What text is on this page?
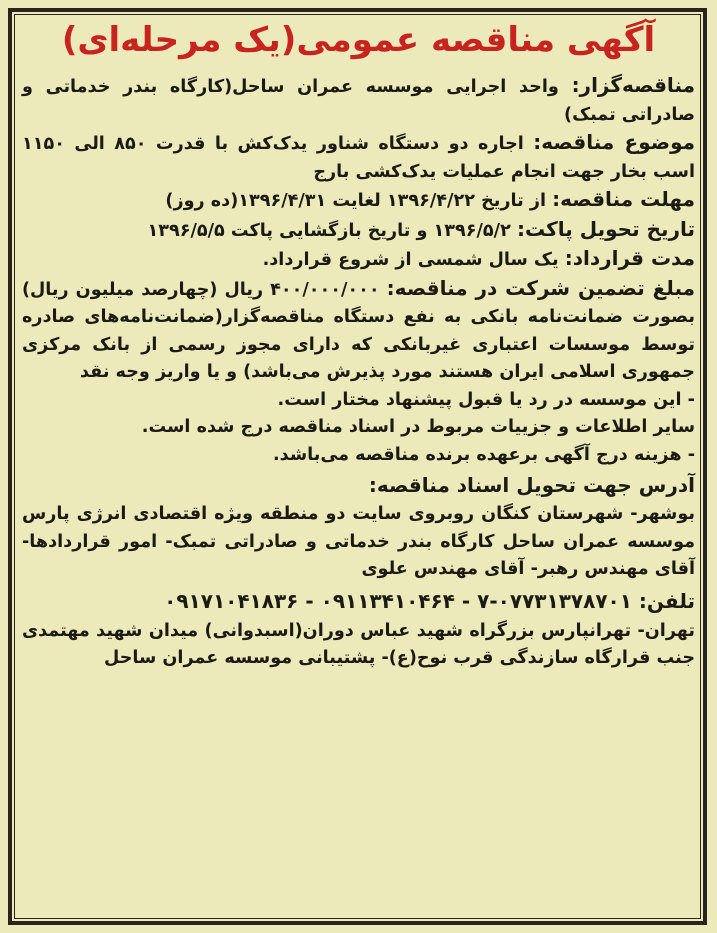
آگهی مناقصه عمومی(یک مرحله‌ای)

مناقصه‌گزار: واحد اجرایی موسسه عمران ساحل(کارگاه بندر خدماتی و صادراتی تمبک)

موضوع مناقصه: اجاره دو دستگاه شناور یدک‌کش با قدرت ۸۵۰ الی ۱۱۵۰ اسب بخار جهت انجام عملیات یدک‌کشی بارج

مهلت مناقصه: از تاریخ ۱۳۹۶/۴/۲۲ لغایت ۱۳۹۶/۴/۳۱(ده روز)

تاریخ تحویل پاکت: ۱۳۹۶/۵/۲ و تاریخ بازگشایی پاکت ۱۳۹۶/۵/۵

مدت قرارداد: یک سال شمسی از شروع قرارداد.

مبلغ تضمین شرکت در مناقصه: ۴۰۰/۰۰۰/۰۰۰ ریال (چهارصد میلیون ریال) بصورت ضمانت‌نامه بانکی به نفع دستگاه مناقصه‌گزار(ضمانت‌نامه‌های صادره توسط موسسات اعتباری غیربانکی که دارای مجوز رسمی از بانک مرکزی جمهوری اسلامی ایران هستند مورد پذیرش می‌باشد) و یا واریز وجه نقد

- این موسسه در رد یا قبول پیشنهاد مختار است.

سایر اطلاعات و جزییات مربوط در اسناد مناقصه درج شده است.

- هزینه درج آگهی برعهده برنده مناقصه می‌باشد.

آدرس جهت تحویل اسناد مناقصه:

بوشهر- شهرستان کنگان روبروی سایت دو منطقه ویژه اقتصادی انرژی پارس موسسه عمران ساحل کارگاه بندر خدماتی و صادراتی تمبک- امور قراردادها- آقای مهندس رهبر- آقای مهندس علوی

تلفن: ۰۷۷۳۱۳۷۸۷۰۱-۷ - ۰۹۱۱۳۴۱۰۴۶۴ - ۰۹۱۷۱۰۴۱۸۳۶

تهران- تهرانپارس بزرگراه شهید عباس دوران(اسبدوانی) میدان شهید مهتمدی جنب قرارگاه سازندگی قرب نوح(ع)- پشتیبانی موسسه عمران ساحل
